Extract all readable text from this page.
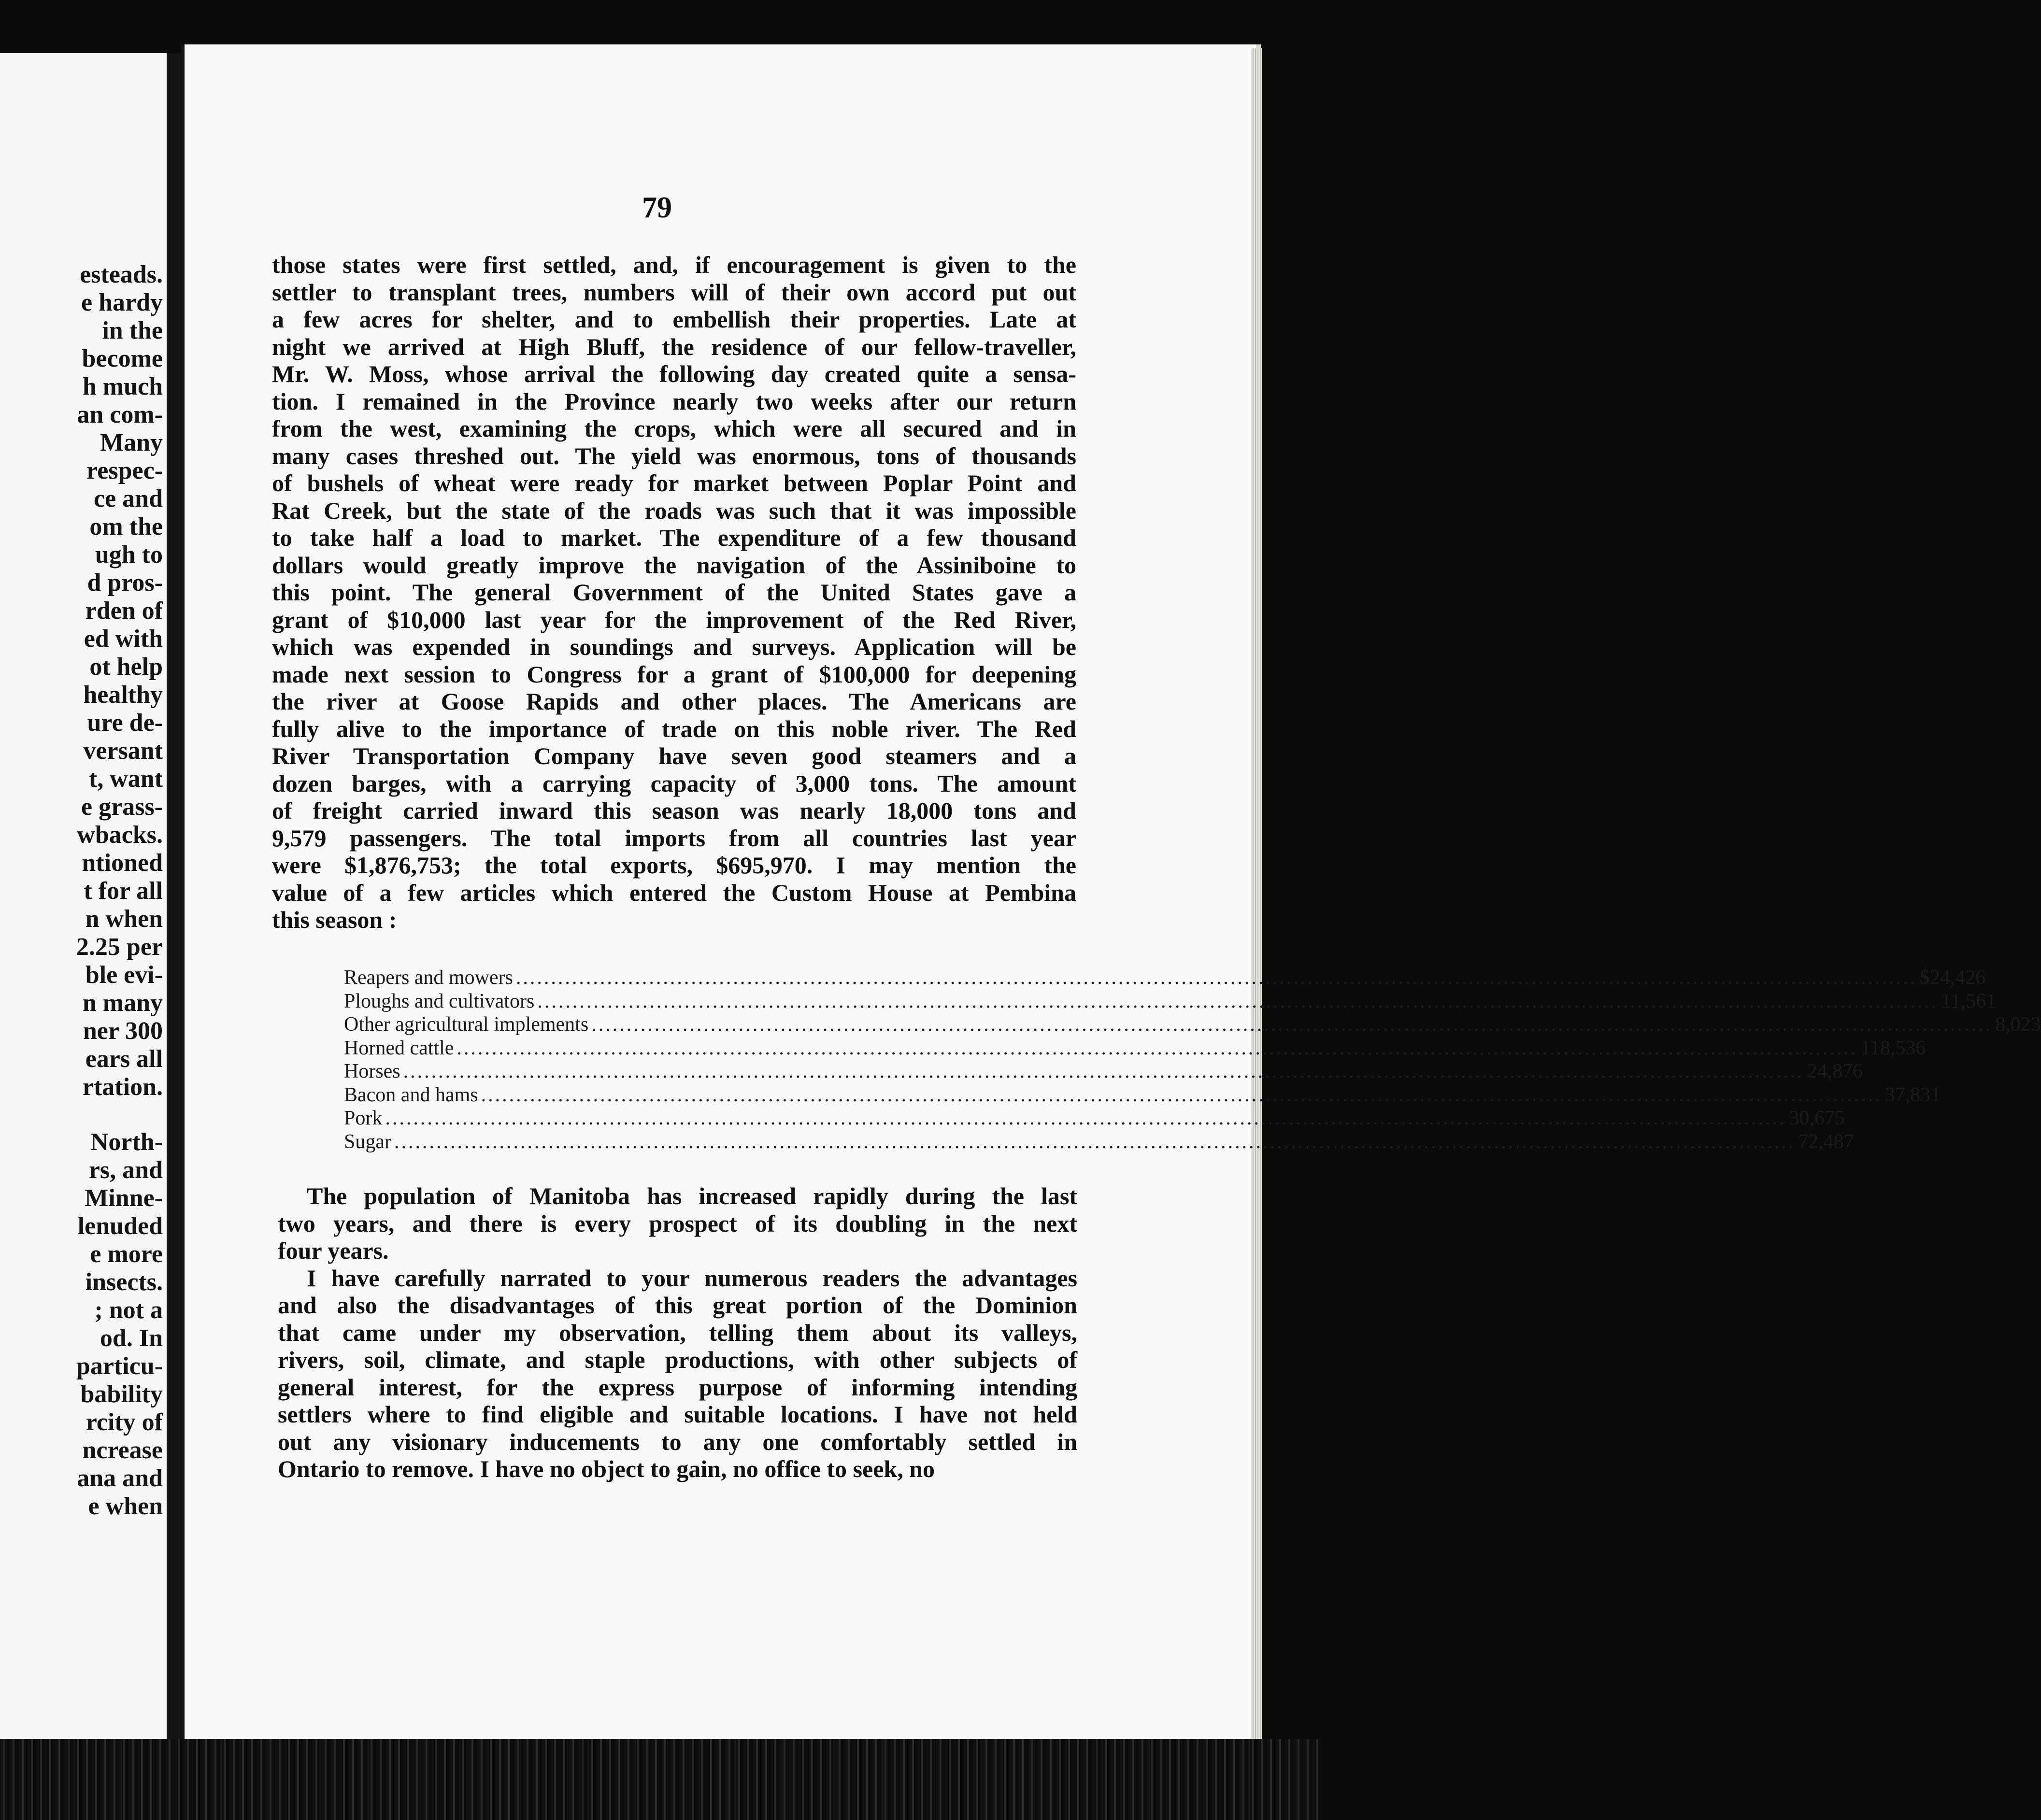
esteads.
e hardy
in the
become
h much
an com-
Many
respec-
ce and
om the
ugh to
d pros-
rden of
ed with
ot help
healthy
ure de-
versant
t, want
e grass-
wbacks.
ntioned
t for all
n when
2.25 per
ble evi-
n many
ner 300
ears all
rtation.
North-
rs, and
Minne-
lenuded
e more
insects.
; not a
od. In
particu-
bability
rcity of
ncrease
ana and
e when
79
those states were first settled, and, if encouragement is given to the
settler to transplant trees, numbers will of their own accord put out
a few acres for shelter, and to embellish their properties. Late at
night we arrived at High Bluff, the residence of our fellow-traveller,
Mr. W. Moss, whose arrival the following day created quite a sensa-
tion. I remained in the Province nearly two weeks after our return
from the west, examining the crops, which were all secured and in
many cases threshed out. The yield was enormous, tons of thousands
of bushels of wheat were ready for market between Poplar Point and
Rat Creek, but the state of the roads was such that it was impossible
to take half a load to market. The expenditure of a few thousand
dollars would greatly improve the navigation of the Assiniboine to
this point. The general Government of the United States gave a
grant of $10,000 last year for the improvement of the Red River,
which was expended in soundings and surveys. Application will be
made next session to Congress for a grant of $100,000 for deepening
the river at Goose Rapids and other places. The Americans are
fully alive to the importance of trade on this noble river. The Red
River Transportation Company have seven good steamers and a
dozen barges, with a carrying capacity of 3,000 tons. The amount
of freight carried inward this season was nearly 18,000 tons and
9,579 passengers. The total imports from all countries last year
were $1,876,753; the total exports, $695,970. I may mention the
value of a few articles which entered the Custom House at Pembina
this season :
Reapers and mowers ........................................................................................................................................................................................................ $ 24,426
Ploughs and cultivators ........................................................................................................................................................................................................ 11,561
Other agricultural implements ........................................................................................................................................................................................................ 8,023
Horned cattle ........................................................................................................................................................................................................ 118,536
Horses ........................................................................................................................................................................................................ 24,876
Bacon and hams ........................................................................................................................................................................................................ 37,831
Pork ........................................................................................................................................................................................................ 30,675
Sugar ........................................................................................................................................................................................................ 72,487
The population of Manitoba has increased rapidly during the last
two years, and there is every prospect of its doubling in the next
four years.
I have carefully narrated to your numerous readers the advantages
and also the disadvantages of this great portion of the Dominion
that came under my observation, telling them about its valleys,
rivers, soil, climate, and staple productions, with other subjects of
general interest, for the express purpose of informing intending
settlers where to find eligible and suitable locations. I have not held
out any visionary inducements to any one comfortably settled in
Ontario to remove. I have no object to gain, no office to seek, no
